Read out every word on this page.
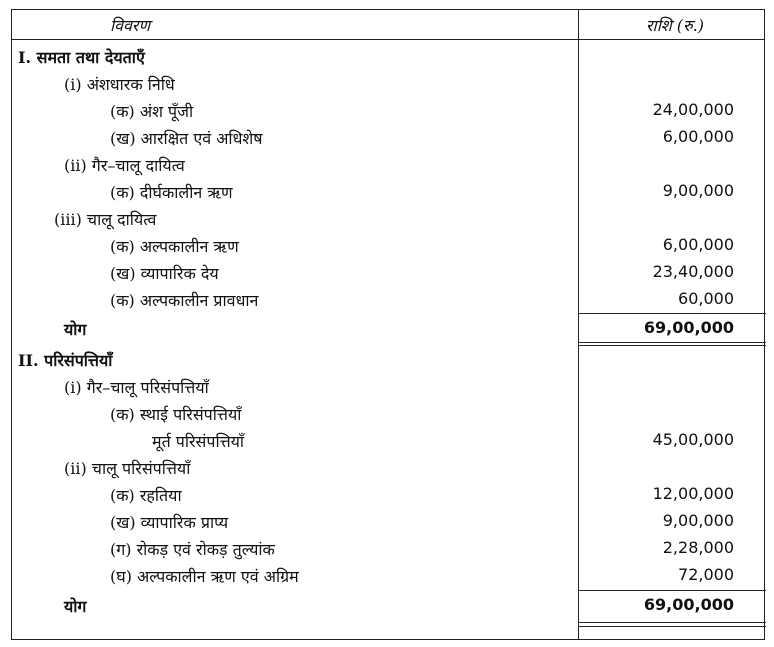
विवरण	राशि (रु.)
I. समता तथा देयताएँ
(i) अंशधारक निधि
(क) अंश पूँजी	24,00,000
(ख) आरक्षित एवं अधिशेष	6,00,000
(ii) गैर–चालू दायित्व
(क) दीर्घकालीन ऋण	9,00,000
(iii) चालू दायित्व
(क) अल्पकालीन ऋण	6,00,000
(ख) व्यापारिक देय	23,40,000
(क) अल्पकालीन प्रावधान	60,000
योग	69,00,000
II. परिसंपत्तियाँ
(i) गैर–चालू परिसंपत्तियाँ
(क) स्थाई परिसंपत्तियाँ
मूर्त परिसंपत्तियाँ	45,00,000
(ii) चालू परिसंपत्तियाँ
(क) रहतिया	12,00,000
(ख) व्यापारिक प्राप्य	9,00,000
(ग) रोकड़ एवं रोकड़ तुल्यांक	2,28,000
(घ) अल्पकालीन ऋण एवं अग्रिम	72,000
योग	69,00,000
